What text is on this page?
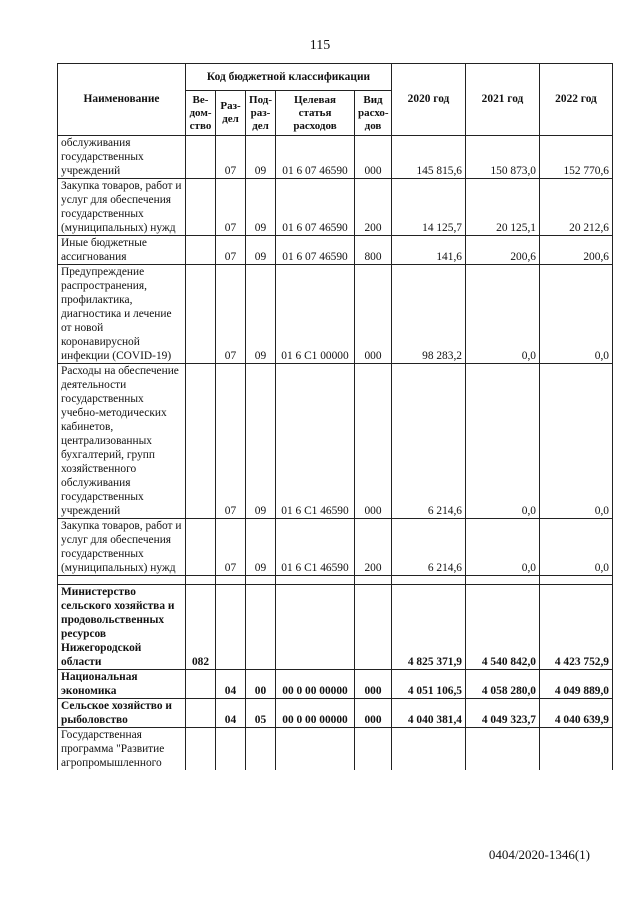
115
Наименование	Код бюджетной классификации					2020 год	2021 год	2022 год
	Ве-дом-ство	Раз-дел	Под-раз-дел	Целевая статья расходов	Вид расхо-дов			
обслуживания государственных учреждений		07	09	01 6 07 46590	000	145 815,6	150 873,0	152 770,6
Закупка товаров, работ и услуг для обеспечения государственных (муниципальных) нужд		07	09	01 6 07 46590	200	14 125,7	20 125,1	20 212,6
Иные бюджетные ассигнования		07	09	01 6 07 46590	800	141,6	200,6	200,6
Предупреждение распространения, профилактика, диагностика и лечение от новой коронавирусной инфекции (COVID-19)		07	09	01 6 C1 00000	000	98 283,2	0,0	0,0
Расходы на обеспечение деятельности государственных учебно-методических кабинетов, централизованных бухгалтерий, групп хозяйственного обслуживания государственных учреждений		07	09	01 6 C1 46590	000	6 214,6	0,0	0,0
Закупка товаров, работ и услуг для обеспечения государственных (муниципальных) нужд		07	09	01 6 C1 46590	200	6 214,6	0,0	0,0

Министерство сельского хозяйства и продовольственных ресурсов Нижегородской области	082					4 825 371,9	4 540 842,0	4 423 752,9
Национальная экономика		04	00	00 0 00 00000	000	4 051 106,5	4 058 280,0	4 049 889,0
Сельское хозяйство и рыболовство		04	05	00 0 00 00000	000	4 040 381,4	4 049 323,7	4 040 639,9
Государственная программа "Развитие агропромышленного								
0404/2020-1346(1)
